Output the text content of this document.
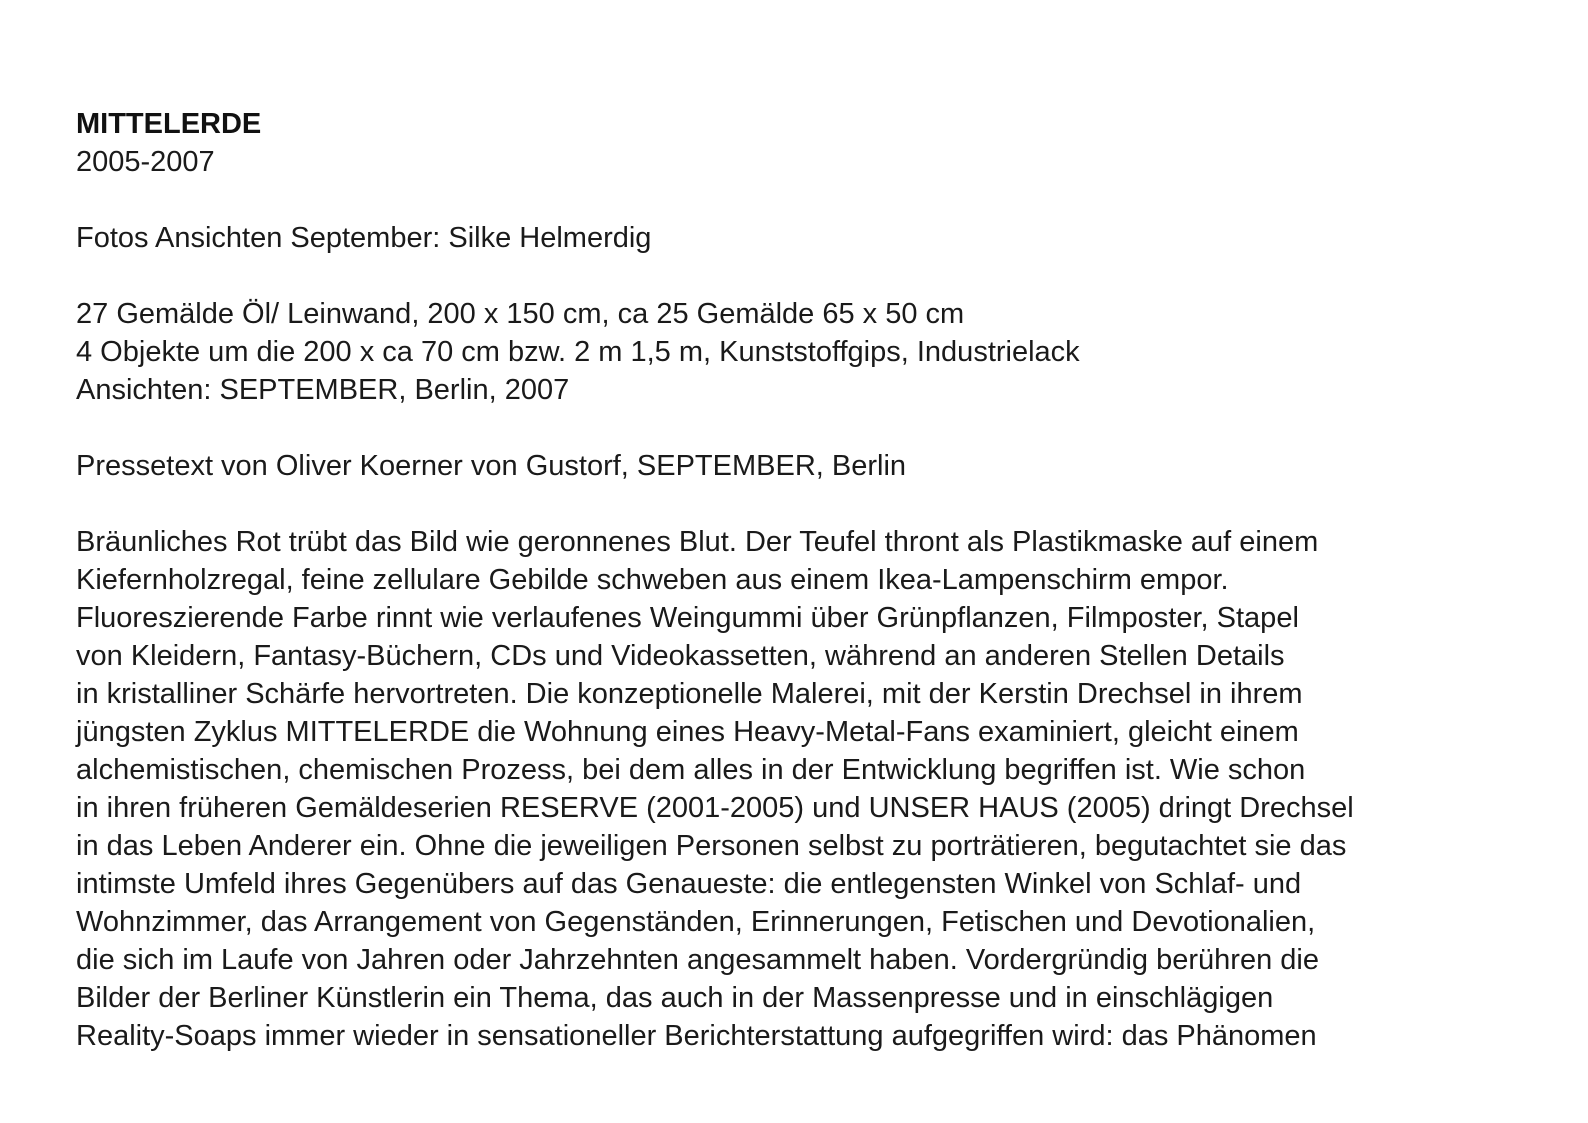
MITTELERDE
2005-2007
Fotos Ansichten September: Silke Helmerdig
27 Gemälde Öl/ Leinwand, 200 x 150 cm, ca 25 Gemälde 65 x 50 cm
4 Objekte um die 200 x ca 70 cm bzw. 2 m 1,5 m, Kunststoffgips, Industrielack
Ansichten: SEPTEMBER, Berlin, 2007
Pressetext von Oliver Koerner von Gustorf, SEPTEMBER, Berlin
Bräunliches Rot trübt das Bild wie geronnenes Blut. Der Teufel thront als Plastikmaske auf einem
Kiefernholzregal, feine zellulare Gebilde schweben aus einem Ikea-Lampenschirm empor.
Fluoreszierende Farbe rinnt wie verlaufenes Weingummi über Grünpflanzen, Filmposter, Stapel
von Kleidern, Fantasy-Büchern, CDs und Videokassetten, während an anderen Stellen Details
in kristalliner Schärfe hervortreten. Die konzeptionelle Malerei, mit der Kerstin Drechsel in ihrem
jüngsten Zyklus MITTELERDE die Wohnung eines Heavy-Metal-Fans examiniert, gleicht einem
alchemistischen, chemischen Prozess, bei dem alles in der Entwicklung begriffen ist. Wie schon
in ihren früheren Gemäldeserien RESERVE (2001-2005) und UNSER HAUS (2005) dringt Drechsel
in das Leben Anderer ein. Ohne die jeweiligen Personen selbst zu porträtieren, begutachtet sie das
intimste Umfeld ihres Gegenübers auf das Genaueste: die entlegensten Winkel von Schlaf- und
Wohnzimmer, das Arrangement von Gegenständen, Erinnerungen, Fetischen und Devotionalien,
die sich im Laufe von Jahren oder Jahrzehnten angesammelt haben. Vordergründig berühren die
Bilder der Berliner Künstlerin ein Thema, das auch in der Massenpresse und in einschlägigen
Reality-Soaps immer wieder in sensationeller Berichterstattung aufgegriffen wird: das Phänomen
